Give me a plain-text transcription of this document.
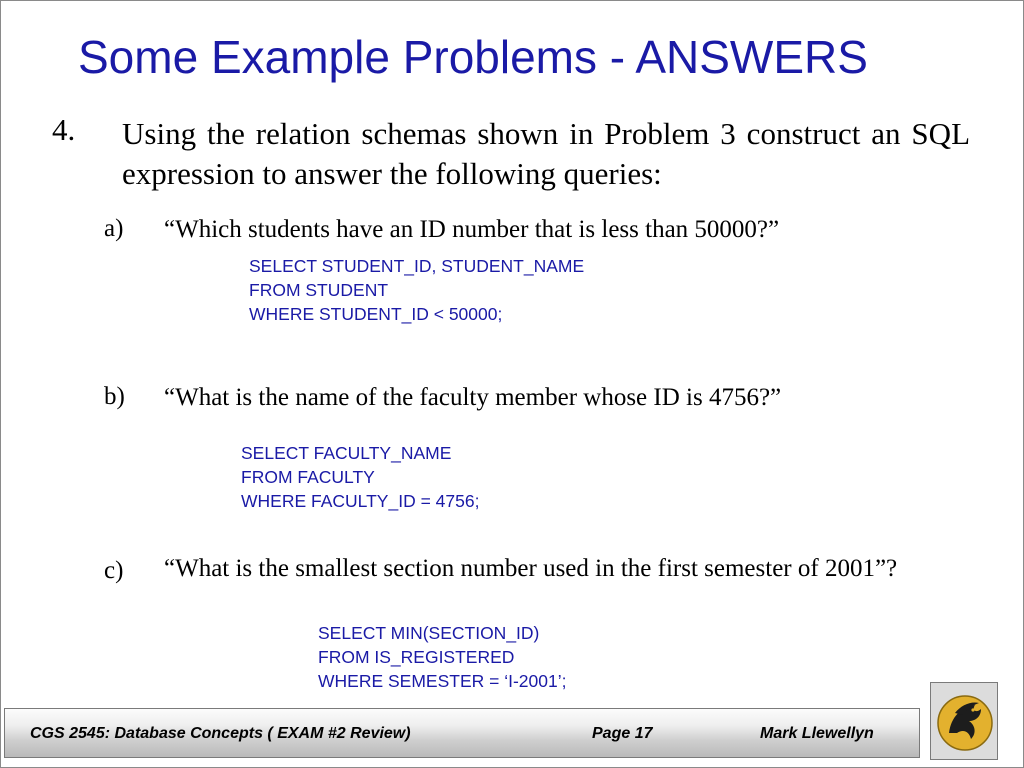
Some Example Problems - ANSWERS
4. Using the relation schemas shown in Problem 3 construct an SQL expression to answer the following queries:
a) “Which students have an ID number that is less than 50000?”
SELECT STUDENT_ID, STUDENT_NAME
FROM STUDENT
WHERE STUDENT_ID < 50000;
b) “What is the name of the faculty member whose ID is 4756?”
SELECT FACULTY_NAME
FROM FACULTY
WHERE FACULTY_ID = 4756;
c) “What is the smallest section number used in the first semester of 2001”?
SELECT MIN(SECTION_ID)
FROM IS_REGISTERED
WHERE SEMESTER = ‘I-2001’;
CGS 2545: Database Concepts ( EXAM #2 Review)	Page 17	Mark Llewellyn
